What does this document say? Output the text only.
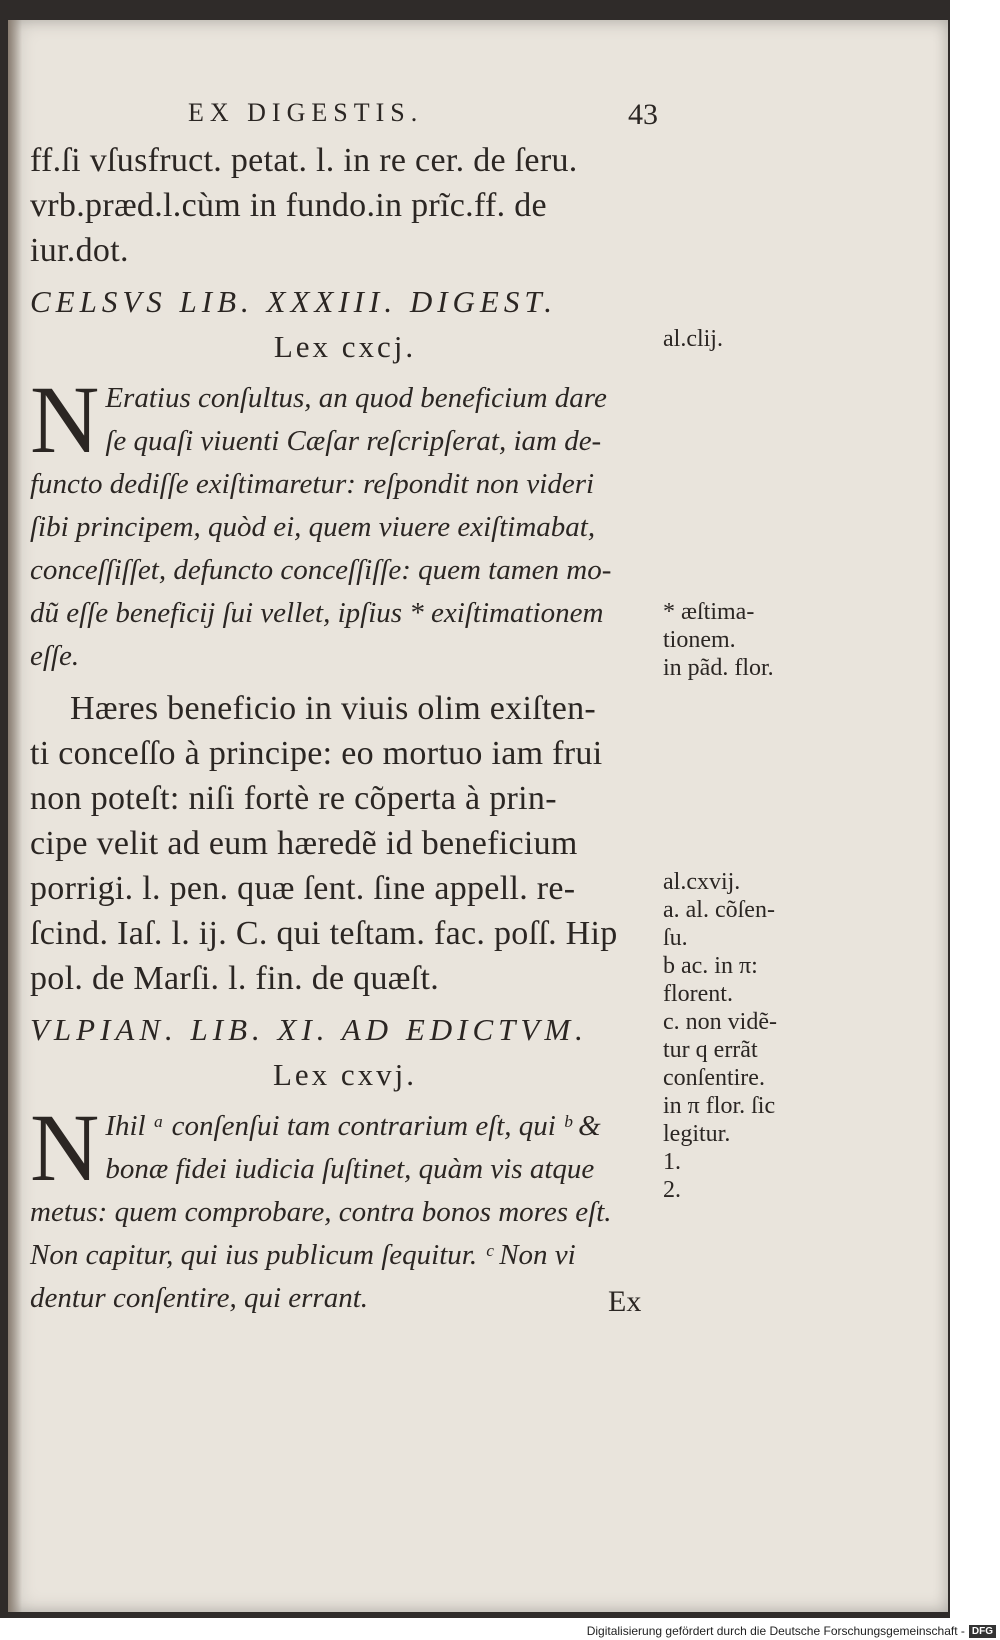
EX DIGESTIS.	43
ff.ſi vſusfruct. petat. l. in re cer. de ſeru.
vrb.præd.l.cùm in fundo.in prĩc.ff. de
iur.dot.
CELSVS LIB. XXXIII. DIGEST.
Lex cxcj.
N Eratius conſultus, an quod beneficium dare
ſe quaſi viuenti Cæſar reſcripſerat, iam de-
functo dediſſe exiſtimaretur: reſpondit non videri
ſibi principem, quòd ei, quem viuere exiſtimabat,
conceſſiſſet, defuncto conceſſiſſe: quem tamen mo-
dũ eſſe beneficij ſui vellet, ipſius * exiſtimationem
eſſe.
Hæres beneficio in viuis olim exiſten-
ti conceſſo à principe: eo mortuo iam frui
non poteſt: niſi fortè re cõperta à prin-
cipe velit ad eum hæredẽ id beneficium
porrigi. l. pen. quæ ſent. ſine appell. re-
ſcind. Iaſ. l. ij. C. qui teſtam. fac. poſſ. Hip
pol. de Marſi. l. fin. de quæſt.
VLPIAN. LIB. XI. AD EDICTVM.
Lex cxvj.
N Ihil ᵃ conſenſui tam contrarium eſt, qui ᵇ &
bonæ fidei iudicia ſuſtinet, quàm vis atque
metus: quem comprobare, contra bonos mores eſt.
Non capitur, qui ius publicum ſequitur. ᶜ Non vi
dentur conſentire, qui errant.
al.clij.
* æſtima-
tionem.
in pãd. flor.
al.cxvij.
a. al. cõſen-
ſu.
b ac. in π:
florent.
c. non vidẽ-
tur q errãt
conſentire.
in π flor. ſic
legitur.
1.
2.
Ex
Digitalisierung gefördert durch die Deutsche Forschungsgemeinschaft - DFG
